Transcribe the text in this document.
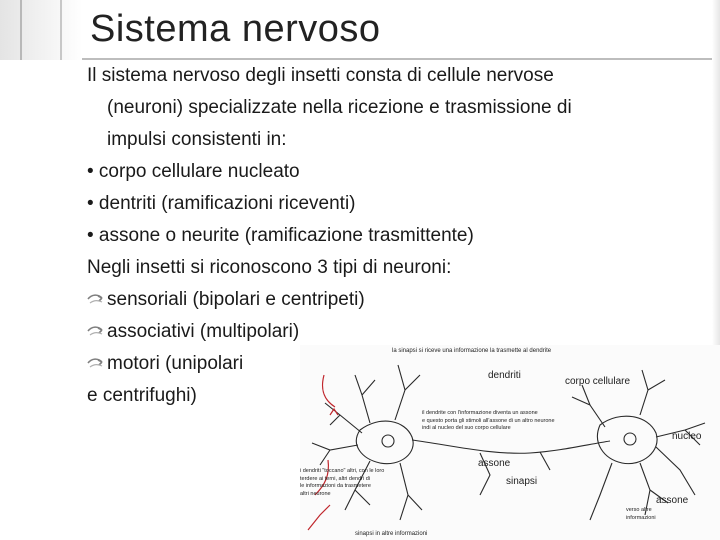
Sistema nervoso
Il sistema nervoso degli insetti consta di cellule nervose
(neuroni) specializzate nella ricezione e trasmissione di
impulsi consistenti in:
• corpo cellulare nucleato
• dentriti (ramificazioni riceventi)
• assone o neurite (ramificazione trasmittente)
Negli insetti si riconoscono 3 tipi di neuroni:
sensoriali (bipolari e centripeti)
associativi (multipolari)
motori (unipolari
e centrifughi)
la sinapsi si riceve una informazione la trasmette al dendrite
dendriti
corpo cellulare
il dendrite con l'informazione diventa un assone
e questo porta gli stimoli all'assone di un altro neurone
indi al nucleo del suo corpo cellulare
nucleo
assone
sinapsi
assone
i dendriti "toccano" altri, con le loro
terdere ai terni, altri dendri di
le informazioni da trasmetere
altri neurone
verso altre
informazioni
sinapsi in altre informazioni
